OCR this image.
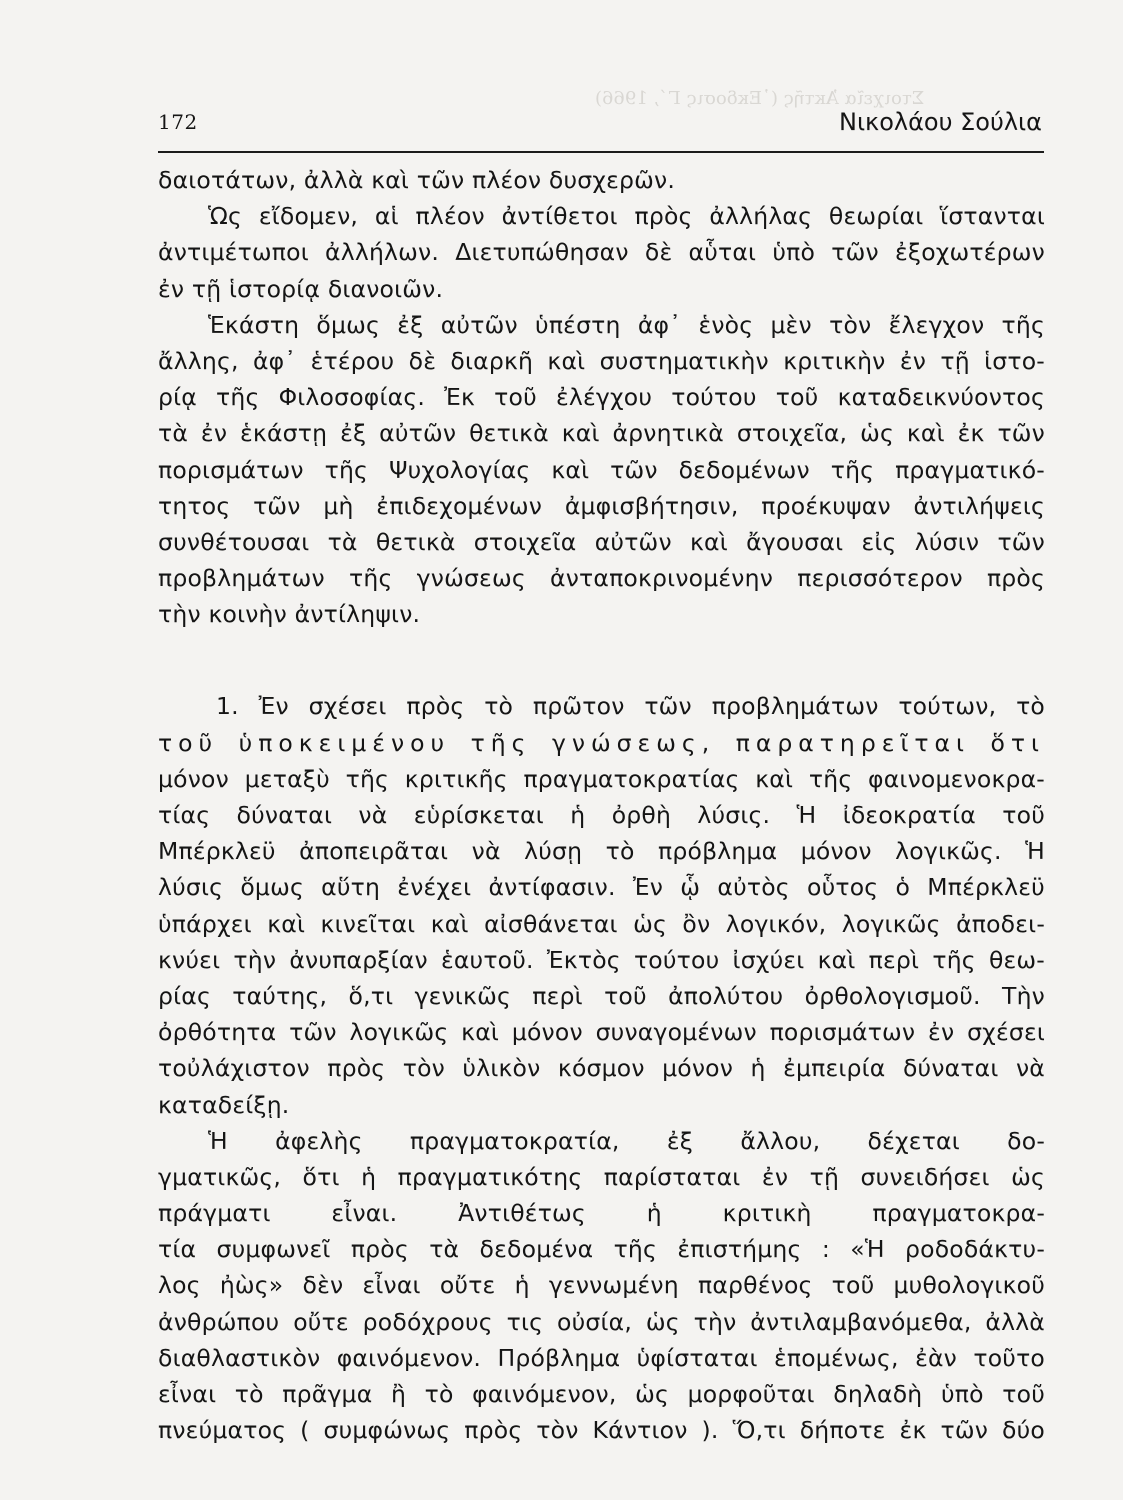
Στοιχεῖα Ἀκτῆς (᾽Εκδοσις Γ΄, 1966)
172	Νικολάου Σούλια
δαιοτάτων, ἀλλὰ καὶ τῶν πλέον δυσχερῶν.
Ὡς εἴδομεν, αἱ πλέον ἀντίθετοι πρὸς ἀλλήλας θεωρίαι ἵστανται
ἀντιμέτωποι ἀλλήλων. Διετυπώθησαν δὲ αὗται ὑπὸ τῶν ἐξοχωτέρων
ἐν τῇ ἱστορίᾳ διανοιῶν.
Ἑκάστη ὅμως ἐξ αὐτῶν ὑπέστη ἀφ᾽ ἑνὸς μὲν τὸν ἔλεγχον τῆς
ἄλλης, ἀφ᾽ ἑτέρου δὲ διαρκῆ καὶ συστηματικὴν κριτικὴν ἐν τῇ ἱστο-
ρίᾳ τῆς Φιλοσοφίας. Ἐκ τοῦ ἐλέγχου τούτου τοῦ καταδεικνύοντος
τὰ ἐν ἑκάστῃ ἐξ αὐτῶν θετικὰ καὶ ἀρνητικὰ στοιχεῖα, ὡς καὶ ἐκ τῶν
πορισμάτων τῆς Ψυχολογίας καὶ τῶν δεδομένων τῆς πραγματικό-
τητος τῶν μὴ ἐπιδεχομένων ἀμφισβήτησιν, προέκυψαν ἀντιλήψεις
συνθέτουσαι τὰ θετικὰ στοιχεῖα αὐτῶν καὶ ἄγουσαι εἰς λύσιν τῶν
προβλημάτων τῆς γνώσεως ἀνταποκρινομένην περισσότερον πρὸς
τὴν κοινὴν ἀντίληψιν.
1. Ἐν σχέσει πρὸς τὸ πρῶτον τῶν προβλημάτων τούτων, τὸ
τοῦ ὑποκειμένου τῆς γνώσεως, παρατηρεῖται ὅτι
μόνον μεταξὺ τῆς κριτικῆς πραγματοκρατίας καὶ τῆς φαινομενοκρα-
τίας δύναται νὰ εὑρίσκεται ἡ ὀρθὴ λύσις. Ἡ ἰδεοκρατία τοῦ
Μπέρκλεϋ ἀποπειρᾶται νὰ λύσῃ τὸ πρόβλημα μόνον λογικῶς. Ἡ
λύσις ὅμως αὕτη ἐνέχει ἀντίφασιν. Ἐν ᾧ αὐτὸς οὗτος ὁ Μπέρκλεϋ
ὑπάρχει καὶ κινεῖται καὶ αἰσθάνεται ὡς ὂν λογικόν, λογικῶς ἀποδει-
κνύει τὴν ἀνυπαρξίαν ἑαυτοῦ. Ἐκτὸς τούτου ἰσχύει καὶ περὶ τῆς θεω-
ρίας ταύτης, ὅ,τι γενικῶς περὶ τοῦ ἀπολύτου ὀρθολογισμοῦ. Τὴν
ὀρθότητα τῶν λογικῶς καὶ μόνον συναγομένων πορισμάτων ἐν σχέσει
τοὐλάχιστον πρὸς τὸν ὑλικὸν κόσμον μόνον ἡ ἐμπειρία δύναται νὰ
καταδείξῃ.
Ἡ ἀφελὴς πραγματοκρατία, ἐξ ἄλλου, δέχεται δο-
γματικῶς, ὅτι ἡ πραγματικότης παρίσταται ἐν τῇ συνειδήσει ὡς
πράγματι εἶναι. Ἀντιθέτως ἡ κριτικὴ πραγματοκρα-
τία συμφωνεῖ πρὸς τὰ δεδομένα τῆς ἐπιστήμης : «Ἡ ροδοδάκτυ-
λος ἠὼς» δὲν εἶναι οὔτε ἡ γεννωμένη παρθένος τοῦ μυθολογικοῦ
ἀνθρώπου οὔτε ροδόχρους τις οὐσία, ὡς τὴν ἀντιλαμβανόμεθα, ἀλλὰ
διαθλαστικὸν φαινόμενον. Πρόβλημα ὑφίσταται ἑπομένως, ἐὰν τοῦτο
εἶναι τὸ πρᾶγμα ἢ τὸ φαινόμενον, ὡς μορφοῦται δηλαδὴ ὑπὸ τοῦ
πνεύματος ( συμφώνως πρὸς τὸν Κάντιον ). Ὅ,τι δήποτε ἐκ τῶν δύο
